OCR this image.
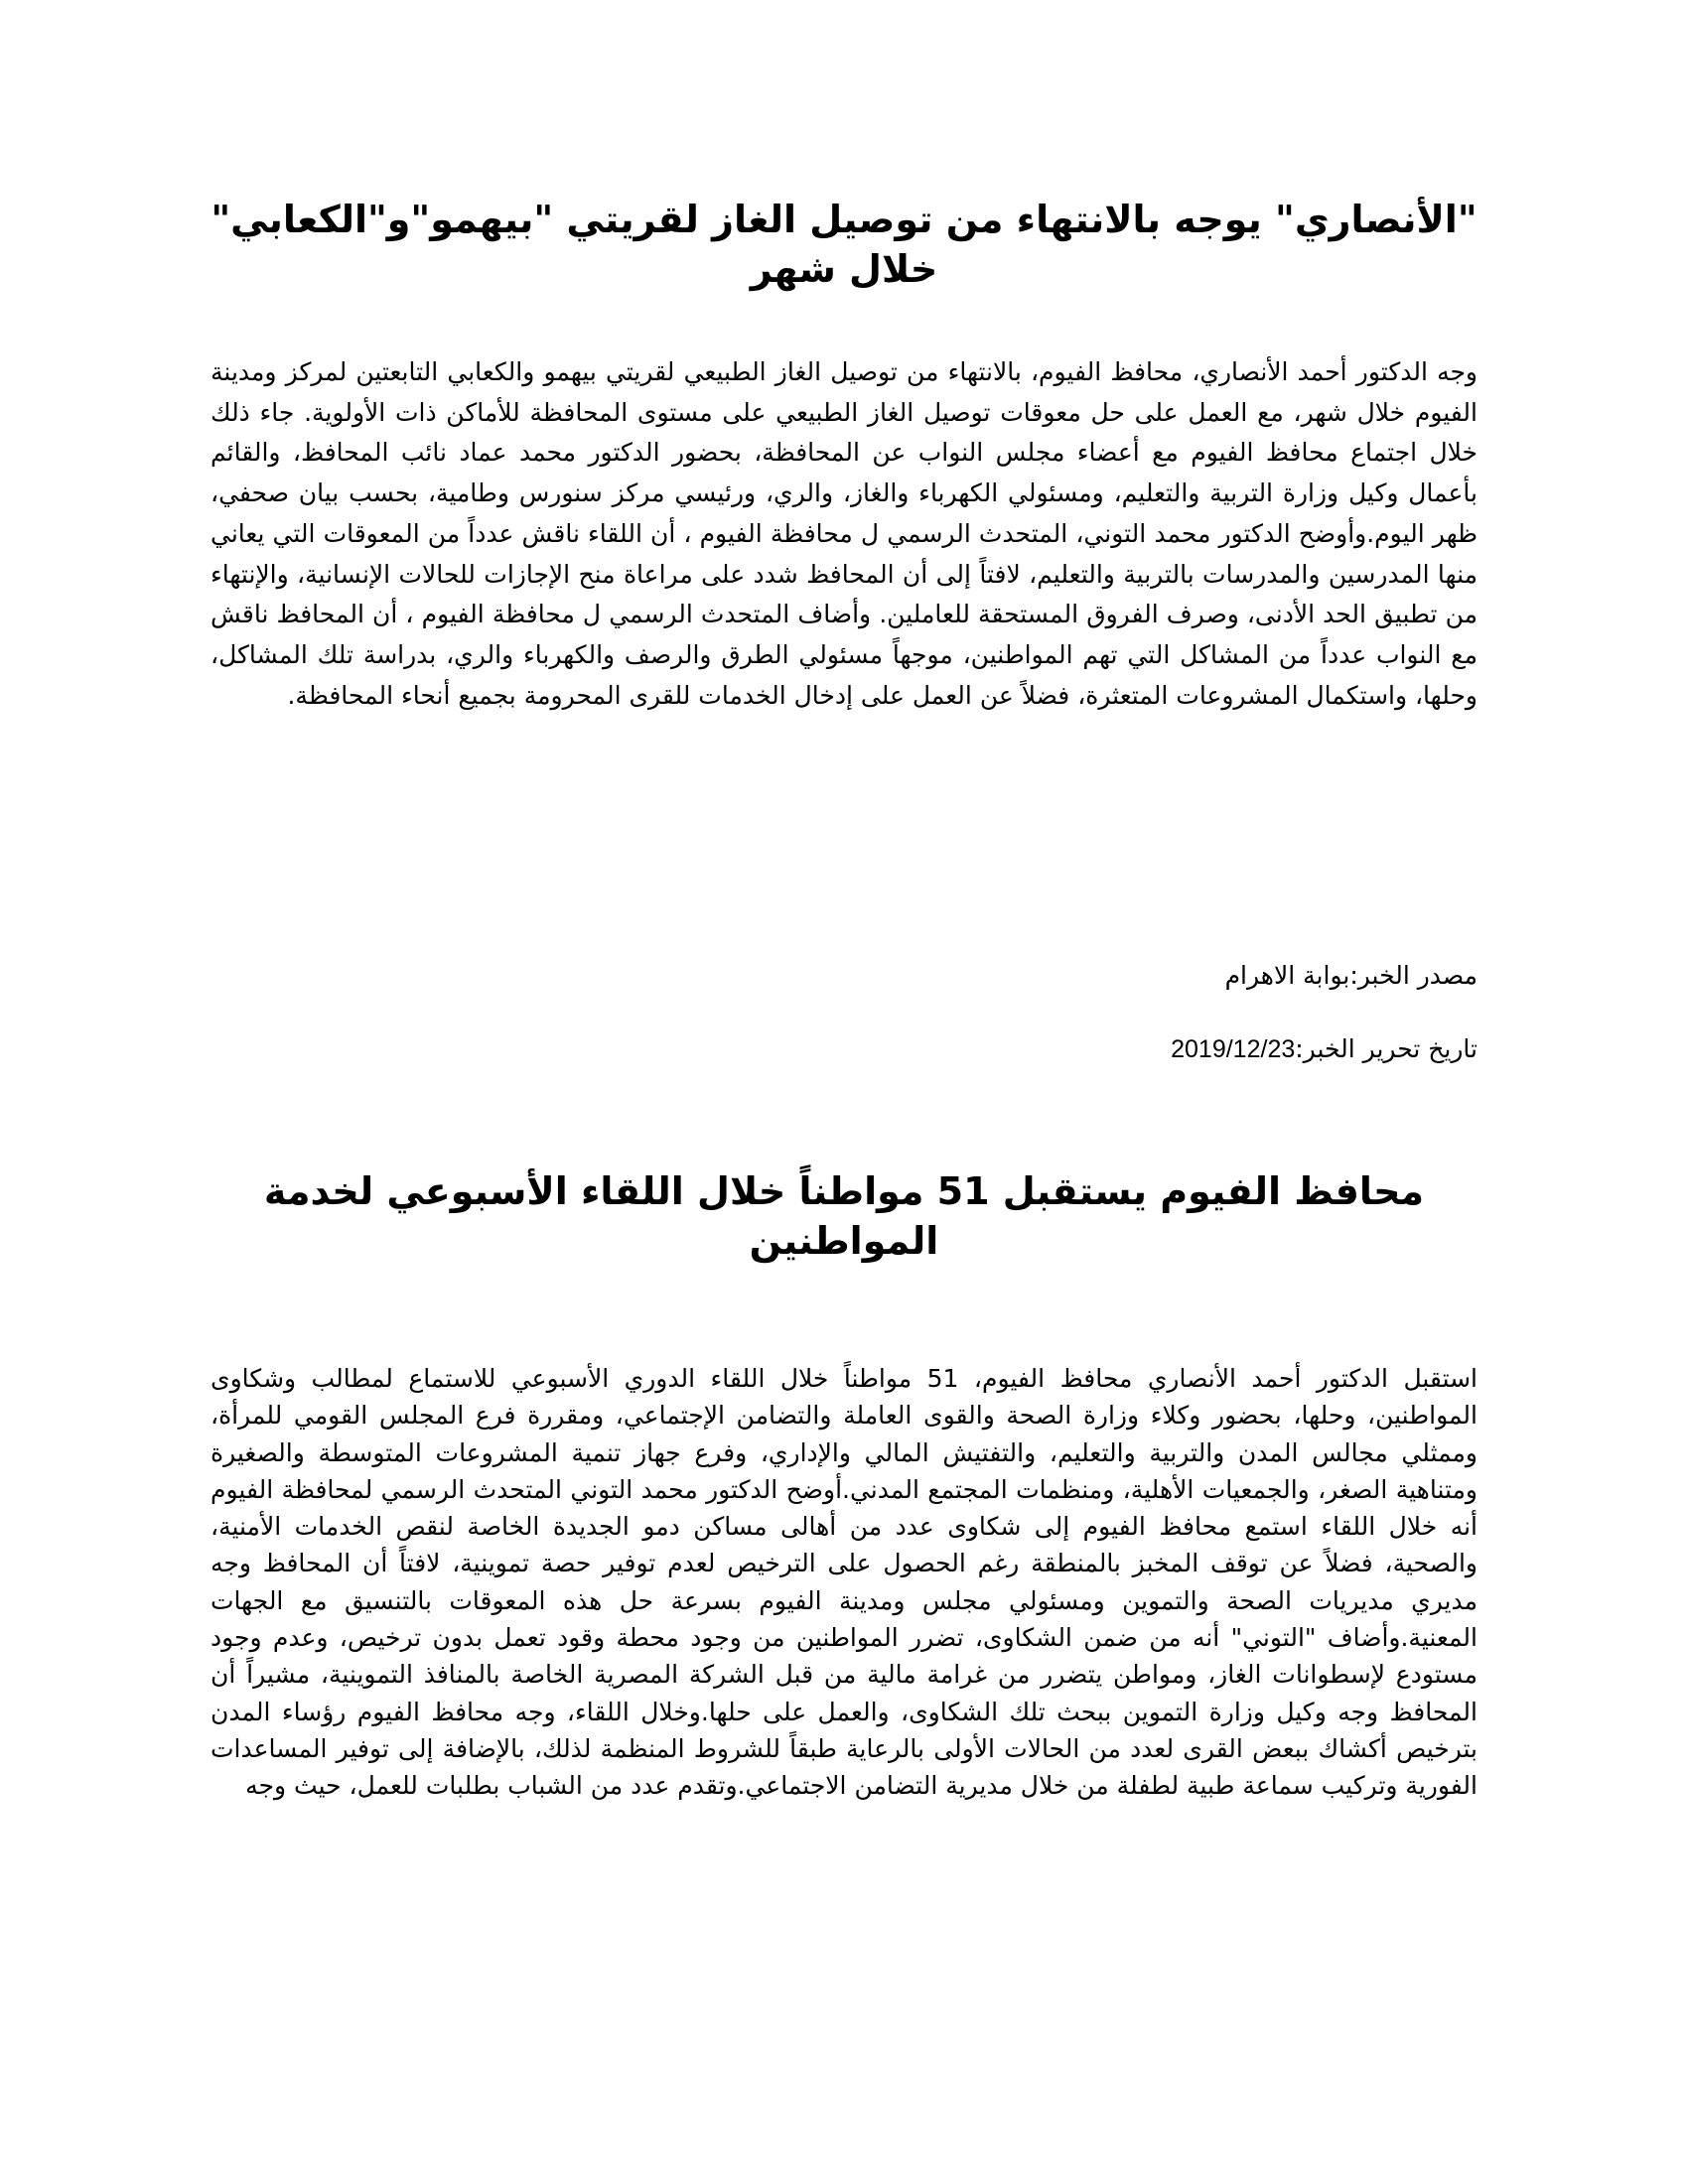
"الأنصاري" يوجه بالانتهاء من توصيل الغاز لقريتي "بيهمو"و"الكعابي" خلال شهر

وجه الدكتور أحمد الأنصاري، محافظ الفيوم، بالانتهاء من توصيل الغاز الطبيعي لقريتي بيهمو والكعابي التابعتين لمركز ومدينة الفيوم خلال شهر، مع العمل على حل معوقات توصيل الغاز الطبيعي على مستوى المحافظة للأماكن ذات الأولوية. جاء ذلك خلال اجتماع محافظ الفيوم مع أعضاء مجلس النواب عن المحافظة، بحضور الدكتور محمد عماد نائب المحافظ، والقائم بأعمال وكيل وزارة التربية والتعليم، ومسئولي الكهرباء والغاز، والري، ورئيسي مركز سنورس وطامية، بحسب بيان صحفي، ظهر اليوم.وأوضح الدكتور محمد التوني، المتحدث الرسمي ل محافظة الفيوم ، أن اللقاء ناقش عدداً من المعوقات التي يعاني منها المدرسين والمدرسات بالتربية والتعليم، لافتاً إلى أن المحافظ شدد على مراعاة منح الإجازات للحالات الإنسانية، والإنتهاء من تطبيق الحد الأدنى، وصرف الفروق المستحقة للعاملين. وأضاف المتحدث الرسمي ل محافظة الفيوم ، أن المحافظ ناقش مع النواب عدداً من المشاكل التي تهم المواطنين، موجهاً مسئولي الطرق والرصف والكهرباء والري، بدراسة تلك المشاكل، وحلها، واستكمال المشروعات المتعثرة، فضلاً عن العمل على إدخال الخدمات للقرى المحرومة بجميع أنحاء المحافظة.

مصدر الخبر:بوابة الاهرام

تاريخ تحرير الخبر:2019/12/23

محافظ الفيوم يستقبل 51 مواطناً خلال اللقاء الأسبوعي لخدمة المواطنين

استقبل الدكتور أحمد الأنصاري محافظ الفيوم، 51 مواطناً خلال اللقاء الدوري الأسبوعي للاستماع لمطالب وشكاوى المواطنين، وحلها، بحضور وكلاء وزارة الصحة والقوى العاملة والتضامن الإجتماعي، ومقررة فرع المجلس القومي للمرأة، وممثلي مجالس المدن والتربية والتعليم، والتفتيش المالي والإداري، وفرع جهاز تنمية المشروعات المتوسطة والصغيرة ومتناهية الصغر، والجمعيات الأهلية، ومنظمات المجتمع المدني.أوضح الدكتور محمد التوني المتحدث الرسمي لمحافظة الفيوم أنه خلال اللقاء استمع محافظ الفيوم إلى شكاوى عدد من أهالى مساكن دمو الجديدة الخاصة لنقص الخدمات الأمنية، والصحية، فضلاً عن توقف المخبز بالمنطقة رغم الحصول على الترخيص لعدم توفير حصة تموينية، لافتاً أن المحافظ وجه مديري مديريات الصحة والتموين ومسئولي مجلس ومدينة الفيوم بسرعة حل هذه المعوقات بالتنسيق مع الجهات المعنية.وأضاف "التوني" أنه من ضمن الشكاوى، تضرر المواطنين من وجود محطة وقود تعمل بدون ترخيص، وعدم وجود مستودع لإسطوانات الغاز، ومواطن يتضرر من غرامة مالية من قبل الشركة المصرية الخاصة بالمنافذ التموينية، مشيراً أن المحافظ وجه وكيل وزارة التموين ببحث تلك الشكاوى، والعمل على حلها.وخلال اللقاء، وجه محافظ الفيوم رؤساء المدن بترخيص أكشاك ببعض القرى لعدد من الحالات الأولى بالرعاية طبقاً للشروط المنظمة لذلك، بالإضافة إلى توفير المساعدات الفورية وتركيب سماعة طبية لطفلة من خلال مديرية التضامن الاجتماعي.وتقدم عدد من الشباب بطلبات للعمل، حيث وجه
